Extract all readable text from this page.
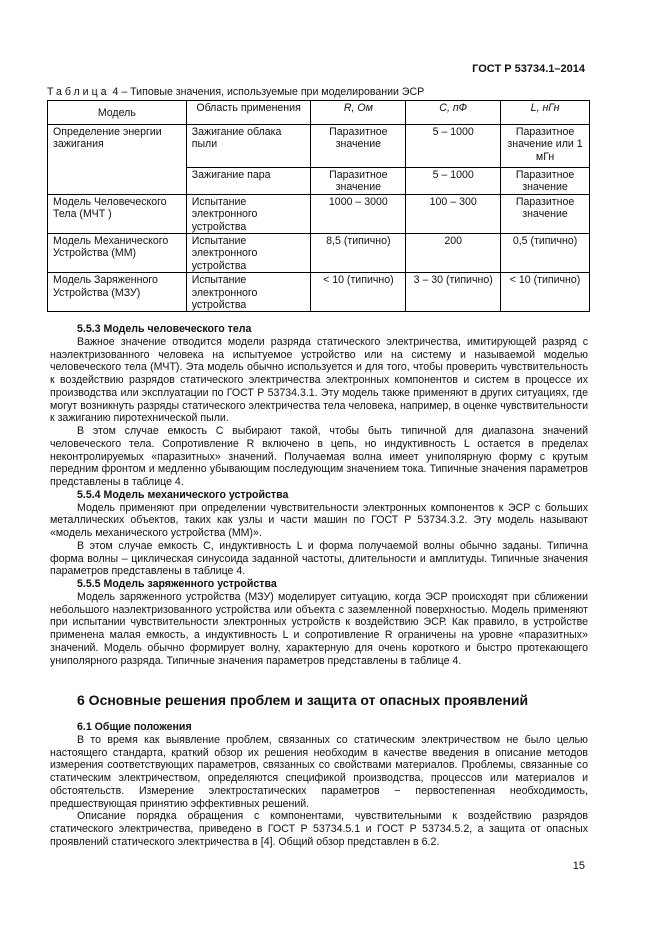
ГОСТ Р 53734.1–2014
Таблица 4 – Типовые значения, используемые при моделировании ЭСР
Модель	Область применения	R, Ом	C, пФ	L, нГн
Определение энергии зажигания	Зажигание облака пыли	Паразитное значение	5 – 1000	Паразитное значение или 1 мГн
	Зажигание пара	Паразитное значение	5 – 1000	Паразитное значение
Модель Человеческого Тела (МЧТ )	Испытание электронного устройства	1000 – 3000	100 – 300	Паразитное значение
Модель Механического Устройства (ММ)	Испытание электронного устройства	8,5 (типично)	200	0,5 (типично)
Модель Заряженного Устройства (МЗУ)	Испытание электронного устройства	< 10 (типично)	3 – 30 (типично)	< 10 (типично)
5.5.3 Модель человеческого тела

Важное значение отводится модели разряда статического электричества, имитирующей разряд с наэлектризованного человека на испытуемое устройство или на систему и называемой моделью человеческого тела (МЧТ). Эта модель обычно используется и для того, чтобы проверить чувствительность к воздействию разрядов статического электричества электронных компонентов и систем в процессе их производства или эксплуатации по ГОСТ Р 53734.3.1. Эту модель также применяют в других ситуациях, где могут возникнуть разряды статического электричества тела человека, например, в оценке чувствительности к зажиганию пиротехнической пыли.

В этом случае емкость C выбирают такой, чтобы быть типичной для диапазона значений человеческого тела. Сопротивление R включено в цепь, но индуктивность L остается в пределах неконтролируемых «паразитных» значений. Получаемая волна имеет униполярную форму с крутым передним фронтом и медленно убывающим последующим значением тока. Типичные значения параметров представлены в таблице 4.

5.5.4 Модель механического устройства

Модель применяют при определении чувствительности электронных компонентов к ЭСР с больших металлических объектов, таких как узлы и части машин по ГОСТ Р 53734.3.2. Эту модель называют «модель механического устройства (ММ)».

В этом случае емкость C, индуктивность L и форма получаемой волны обычно заданы. Типична форма волны – циклическая синусоида заданной частоты, длительности и амплитуды. Типичные значения параметров представлены в таблице 4.

5.5.5 Модель заряженного устройства

Модель заряженного устройства (МЗУ) моделирует ситуацию, когда ЭСР происходят при сближении небольшого наэлектризованного устройства или объекта с заземленной поверхностью. Модель применяют при испытании чувствительности электронных устройств к воздействию ЭСР. Как правило, в устройстве применена малая емкость, а индуктивность L и сопротивление R ограничены на уровне «паразитных» значений. Модель обычно формирует волну, характерную для очень короткого и быстро протекающего униполярного разряда. Типичные значения параметров представлены в таблице 4.

6 Основные решения проблем и защита от опасных проявлений
6.1 Общие положения

В то время как выявление проблем, связанных со статическим электричеством не было целью настоящего стандарта, краткий обзор их решения необходим в качестве введения в описание методов измерения соответствующих параметров, связанных со свойствами материалов. Проблемы, связанные со статическим электричеством, определяются спецификой производства, процессов или материалов и обстоятельств. Измерение электростатических параметров − первостепенная необходимость, предшествующая принятию эффективных решений.

Описание порядка обращения с компонентами, чувствительными к воздействию разрядов статического электричества, приведено в ГОСТ Р 53734.5.1 и ГОСТ Р 53734.5.2, а защита от опасных проявлений статического электричества в [4]. Общий обзор представлен в 6.2.

15
